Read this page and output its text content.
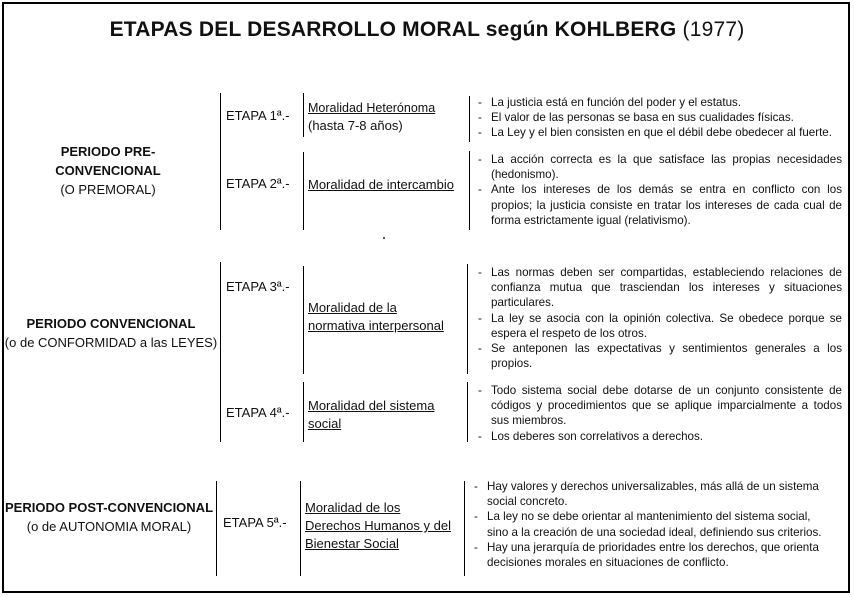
ETAPAS DEL DESARROLLO MORAL según KOHLBERG (1977)
PERIODO PRE-CONVENCIONAL
(O PREMORAL)
ETAPA 1ª.- Moralidad Heterónoma
(hasta 7-8 años)
- La justicia está en función del poder y el estatus.
- El valor de las personas se basa en sus cualidades físicas.
- La Ley y el bien consisten en que el débil debe obedecer al fuerte.
ETAPA 2ª.- Moralidad de intercambio
- La acción correcta es la que satisface las propias necesidades (hedonismo).
- Ante los intereses de los demás se entra en conflicto con los propios; la justicia consiste en tratar los intereses de cada cual de forma estrictamente igual (relativismo).
PERIODO CONVENCIONAL
(o de CONFORMIDAD a las LEYES)
ETAPA 3ª.-
Moralidad de la
normativa interpersonal
- Las normas deben ser compartidas, estableciendo relaciones de confianza mutua que trasciendan los intereses y situaciones particulares.
- La ley se asocia con la opinión colectiva. Se obedece porque se espera el respeto de los otros.
- Se anteponen las expectativas y sentimientos generales a los propios.
ETAPA 4ª.- Moralidad del sistema
social
- Todo sistema social debe dotarse de un conjunto consistente de códigos y procedimientos que se aplique imparcialmente a todos sus miembros.
- Los deberes son correlativos a derechos.
PERIODO POST-CONVENCIONAL
(o de AUTONOMIA MORAL)	ETAPA 5ª.-
Moralidad de los
Derechos Humanos y del
Bienestar Social
- Hay valores y derechos universalizables, más allá de un sistema social concreto.
- La ley no se debe orientar al mantenimiento del sistema social, sino a la creación de una sociedad ideal, definiendo sus criterios.
- Hay una jerarquía de prioridades entre los derechos, que orienta decisiones morales en situaciones de conflicto.
